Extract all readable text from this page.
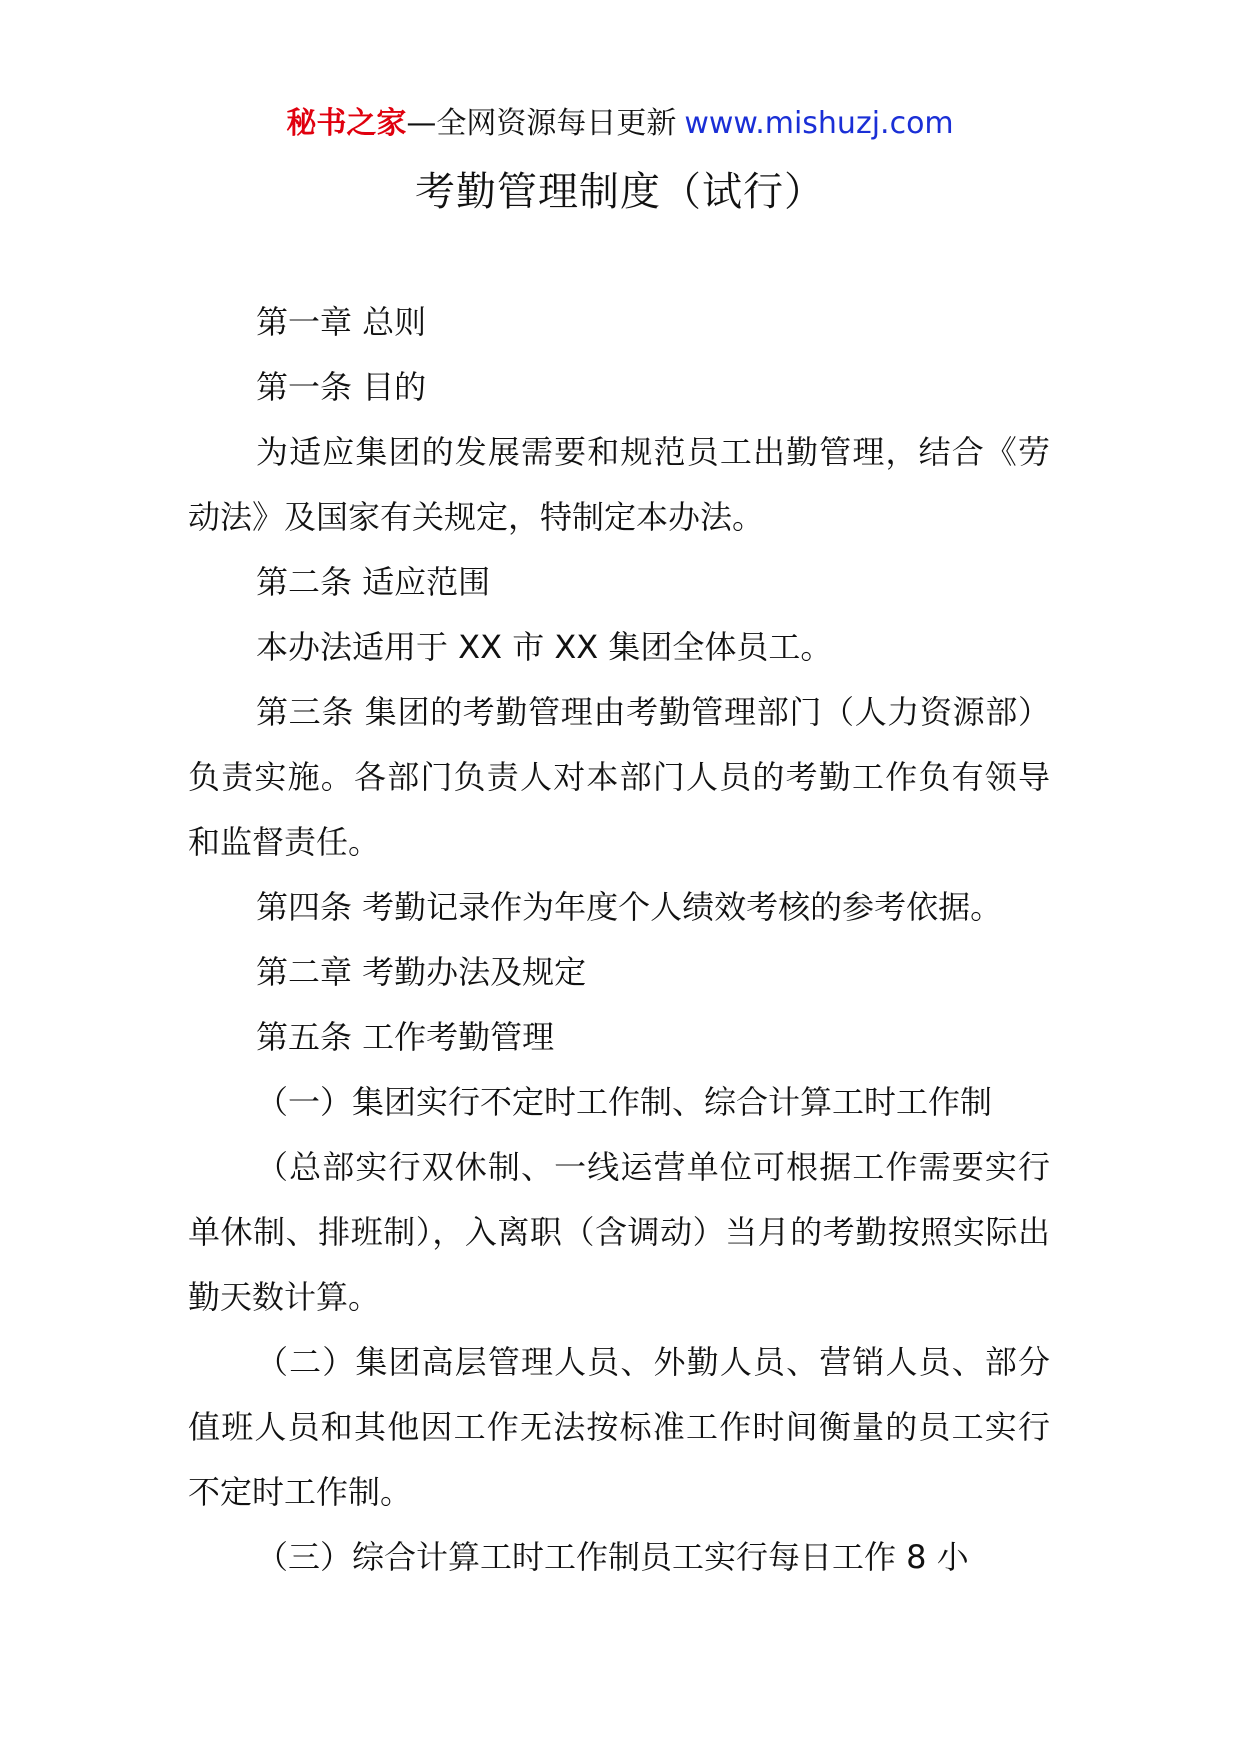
秘书之家—全网资源每日更新 www.mishuzj.com
考勤管理制度（试行）

第一章 总则

第一条 目的

为适应集团的发展需要和规范员工出勤管理，结合《劳动法》及国家有关规定，特制定本办法。

第二条 适应范围

本办法适用于 XX 市 XX 集团全体员工。

第三条 集团的考勤管理由考勤管理部门（人力资源部）负责实施。各部门负责人对本部门人员的考勤工作负有领导和监督责任。

第四条 考勤记录作为年度个人绩效考核的参考依据。

第二章 考勤办法及规定

第五条 工作考勤管理

（一）集团实行不定时工作制、综合计算工时工作制

（总部实行双休制、一线运营单位可根据工作需要实行单休制、排班制），入离职（含调动）当月的考勤按照实际出勤天数计算。

（二）集团高层管理人员、外勤人员、营销人员、部分值班人员和其他因工作无法按标准工作时间衡量的员工实行不定时工作制。

（三）综合计算工时工作制员工实行每日工作 8 小
